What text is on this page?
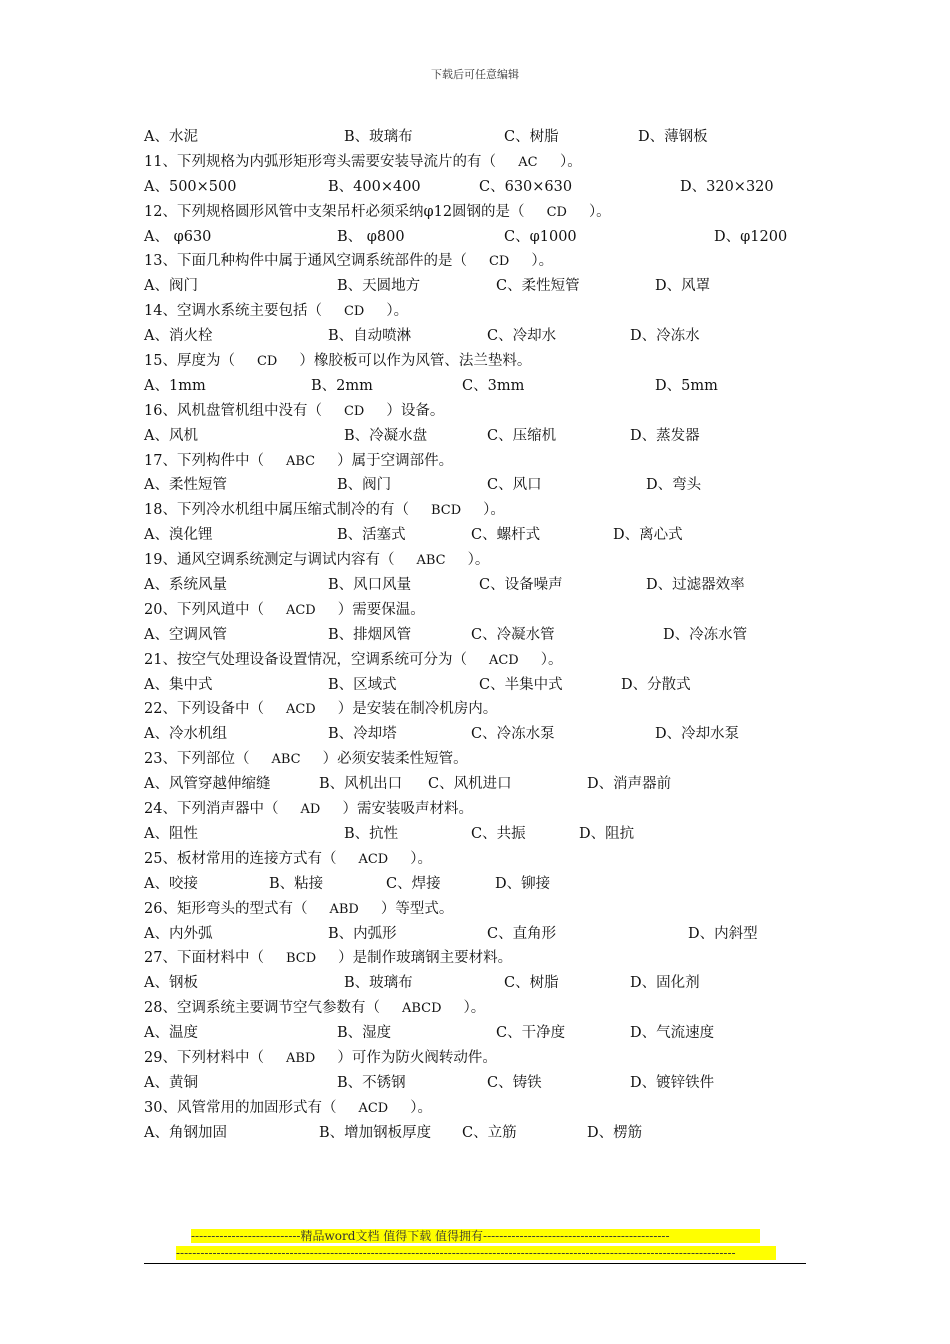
下载后可任意编辑
A、水泥	B、玻璃布	C、树脂	D、薄钢板
11、下列规格为内弧形矩形弯头需要安装导流片的有（ AC ）。
A、500×500	B、400×400	C、630×630	D、320×320
12、下列规格圆形风管中支架吊杆必须采纳φ12圆钢的是（ CD ）。
A、 φ630	B、 φ800	C、φ1000	D、φ1200
13、下面几种构件中属于通风空调系统部件的是（ CD ）。
A、阀门	B、天圆地方	C、柔性短管	D、风罩
14、空调水系统主要包括（ CD ）。
A、消火栓	B、自动喷淋	C、冷却水	D、冷冻水
15、厚度为（ CD ）橡胶板可以作为风管、法兰垫料。
A、1mm	B、2mm	C、3mm	D、5mm
16、风机盘管机组中没有（ CD ）设备。
A、风机	B、冷凝水盘	C、压缩机	D、蒸发器
17、下列构件中（ ABC ）属于空调部件。
A、柔性短管	B、阀门	C、风口	D、弯头
18、下列冷水机组中属压缩式制冷的有（ BCD ）。
A、溴化锂	B、活塞式	C、螺杆式	D、离心式
19、通风空调系统测定与调试内容有（ ABC ）。
A、系统风量	B、风口风量	C、设备噪声	D、过滤器效率
20、下列风道中（ ACD ）需要保温。
A、空调风管	B、排烟风管	C、冷凝水管	D、冷冻水管
21、按空气处理设备设置情况，空调系统可分为（ ACD ）。
A、集中式	B、区域式	C、半集中式	D、分散式
22、下列设备中（ ACD ）是安装在制冷机房内。
A、冷水机组	B、冷却塔	C、冷冻水泵	D、冷却水泵
23、下列部位（ ABC ）必须安装柔性短管。
A、风管穿越伸缩缝	B、风机出口 C、风机进口	D、消声器前
24、下列消声器中（ AD ）需安装吸声材料。
A、阻性	B、抗性	C、共振	D、阻抗
25、板材常用的连接方式有（ ACD ）。
A、咬接	B、粘接	C、焊接	D、铆接
26、矩形弯头的型式有（ ABD ）等型式。
A、内外弧	B、内弧形	C、直角形	D、内斜型
27、下面材料中（ BCD ）是制作玻璃钢主要材料。
A、钢板	B、玻璃布	C、树脂	D、固化剂
28、空调系统主要调节空气参数有（ ABCD ）。
A、温度	B、湿度	C、干净度	D、气流速度
29、下列材料中（ ABD ）可作为防火阀转动件。
A、黄铜	B、不锈钢	C、铸铁	D、镀锌铁件
30、风管常用的加固形式有（ ACD ）。
A、角钢加固	B、增加钢板厚度 C、立筋	D、楞筋
---------------------------精品word文档 值得下载 值得拥有----------------------------------------------
------------------------------------------------------------------------------------------------------------------------------------------
